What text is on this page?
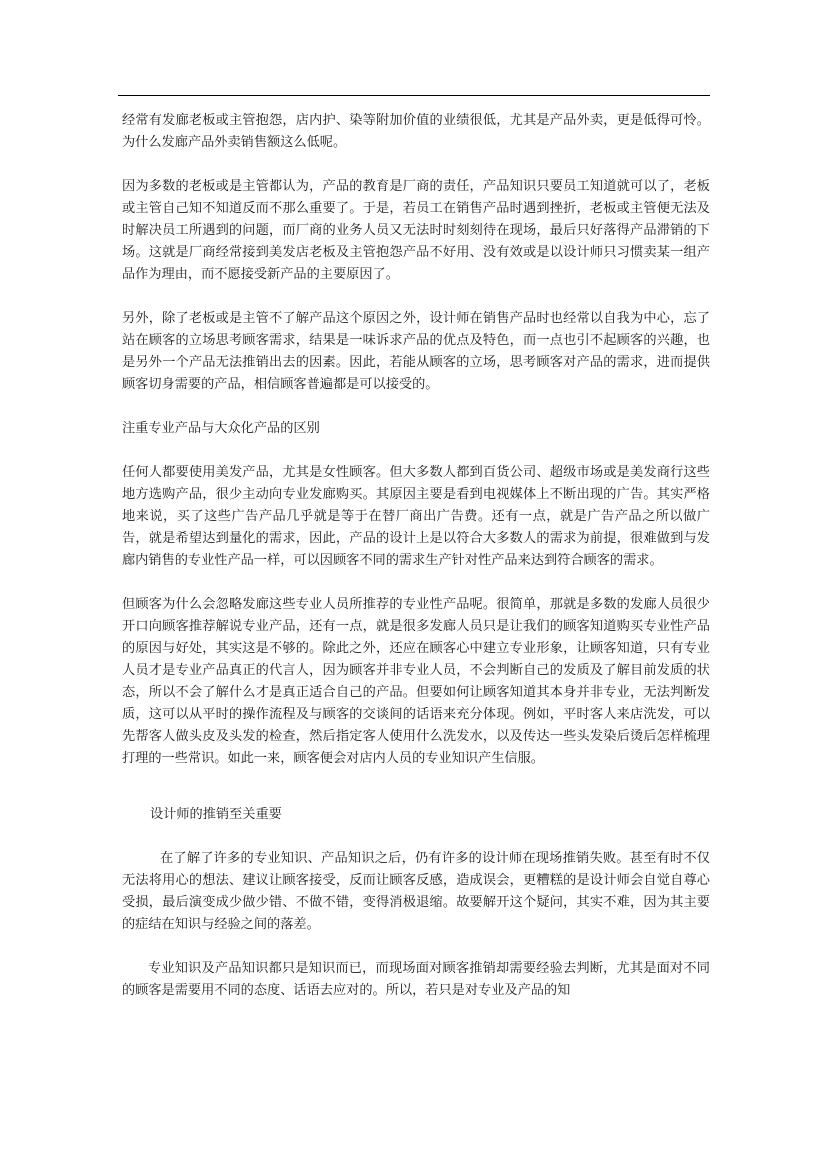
经常有发廊老板或主管抱怨，店内护、染等附加价值的业绩很低，尤其是产品外卖，更是低得可怜。为什么发廊产品外卖销售额这么低呢。

因为多数的老板或是主管都认为，产品的教育是厂商的责任，产品知识只要员工知道就可以了，老板或主管自己知不知道反而不那么重要了。于是，若员工在销售产品时遇到挫折，老板或主管便无法及时解决员工所遇到的问题，而厂商的业务人员又无法时时刻刻待在现场，最后只好落得产品滞销的下场。这就是厂商经常接到美发店老板及主管抱怨产品不好用、没有效或是以设计师只习惯卖某一组产品作为理由，而不愿接受新产品的主要原因了。

另外，除了老板或是主管不了解产品这个原因之外，设计师在销售产品时也经常以自我为中心，忘了站在顾客的立场思考顾客需求，结果是一味诉求产品的优点及特色，而一点也引不起顾客的兴趣，也是另外一个产品无法推销出去的因素。因此，若能从顾客的立场，思考顾客对产品的需求，进而提供顾客切身需要的产品，相信顾客普遍都是可以接受的。

注重专业产品与大众化产品的区别

任何人都要使用美发产品，尤其是女性顾客。但大多数人都到百货公司、超级市场或是美发商行这些地方选购产品，很少主动向专业发廊购买。其原因主要是看到电视媒体上不断出现的广告。其实严格地来说，买了这些广告产品几乎就是等于在替厂商出广告费。还有一点，就是广告产品之所以做广告，就是希望达到量化的需求，因此，产品的设计上是以符合大多数人的需求为前提，很难做到与发廊内销售的专业性产品一样，可以因顾客不同的需求生产针对性产品来达到符合顾客的需求。

但顾客为什么会忽略发廊这些专业人员所推荐的专业性产品呢。很简单，那就是多数的发廊人员很少开口向顾客推荐解说专业产品，还有一点，就是很多发廊人员只是让我们的顾客知道购买专业性产品的原因与好处，其实这是不够的。除此之外，还应在顾客心中建立专业形象，让顾客知道，只有专业人员才是专业产品真正的代言人，因为顾客并非专业人员，不会判断自己的发质及了解目前发质的状态，所以不会了解什么才是真正适合自己的产品。但要如何让顾客知道其本身并非专业，无法判断发质，这可以从平时的操作流程及与顾客的交谈间的话语来充分体现。例如，平时客人来店洗发，可以先帮客人做头皮及头发的检查，然后指定客人使用什么洗发水，以及传达一些头发染后烫后怎样梳理打理的一些常识。如此一来，顾客便会对店内人员的专业知识产生信服。

设计师的推销至关重要

在了解了许多的专业知识、产品知识之后，仍有许多的设计师在现场推销失败。甚至有时不仅无法将用心的想法、建议让顾客接受，反而让顾客反感，造成误会，更糟糕的是设计师会自觉自尊心受损，最后演变成少做少错、不做不错，变得消极退缩。故要解开这个疑问，其实不难，因为其主要的症结在知识与经验之间的落差。

专业知识及产品知识都只是知识而已，而现场面对顾客推销却需要经验去判断，尤其是面对不同的顾客是需要用不同的态度、话语去应对的。所以，若只是对专业及产品的知
